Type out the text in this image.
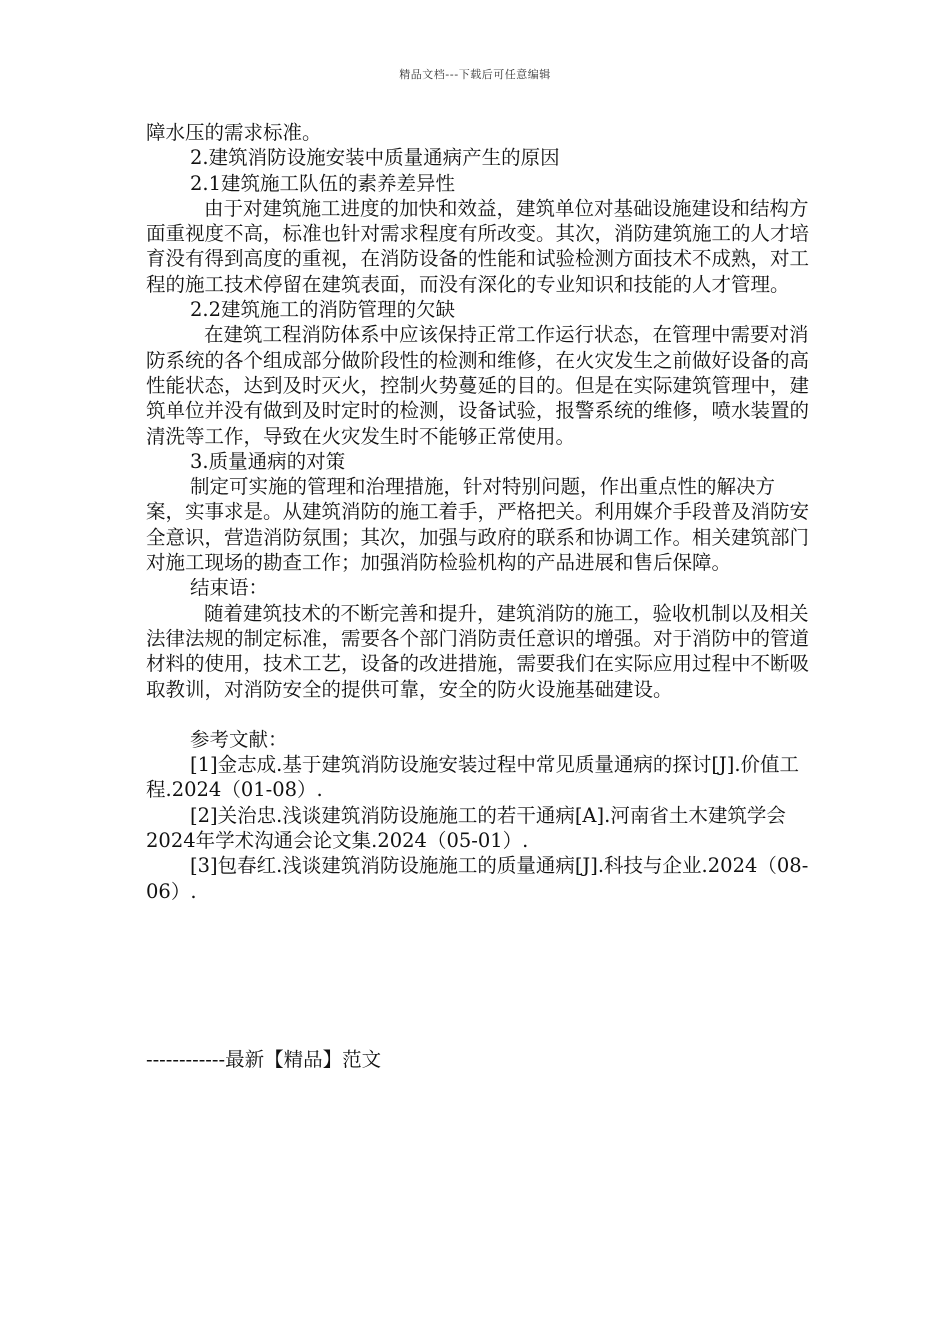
精品文档---下载后可任意编辑

障水压的需求标准。

2.建筑消防设施安装中质量通病产生的原因

2.1建筑施工队伍的素养差异性

由于对建筑施工进度的加快和效益，建筑单位对基础设施建设和结构方面重视度不高，标准也针对需求程度有所改变。其次，消防建筑施工的人才培育没有得到高度的重视，在消防设备的性能和试验检测方面技术不成熟，对工程的施工技术停留在建筑表面，而没有深化的专业知识和技能的人才管理。

2.2建筑施工的消防管理的欠缺

在建筑工程消防体系中应该保持正常工作运行状态，在管理中需要对消防系统的各个组成部分做阶段性的检测和维修，在火灾发生之前做好设备的高性能状态，达到及时灭火，控制火势蔓延的目的。但是在实际建筑管理中，建筑单位并没有做到及时定时的检测，设备试验，报警系统的维修，喷水装置的清洗等工作，导致在火灾发生时不能够正常使用。

3.质量通病的对策

制定可实施的管理和治理措施，针对特别问题，作出重点性的解决方案，实事求是。从建筑消防的施工着手，严格把关。利用媒介手段普及消防安全意识，营造消防氛围；其次，加强与政府的联系和协调工作。相关建筑部门对施工现场的勘查工作；加强消防检验机构的产品进展和售后保障。

结束语：

随着建筑技术的不断完善和提升，建筑消防的施工，验收机制以及相关法律法规的制定标准，需要各个部门消防责任意识的增强。对于消防中的管道材料的使用，技术工艺，设备的改进措施，需要我们在实际应用过程中不断吸取教训，对消防安全的提供可靠，安全的防火设施基础建设。

参考文献：

[1]金志成.基于建筑消防设施安装过程中常见质量通病的探讨[J].价值工程.2024（01-08）.

[2]关治忠.浅谈建筑消防设施施工的若干通病[A].河南省土木建筑学会2024年学术沟通会论文集.2024（05-01）.

[3]包春红.浅谈建筑消防设施施工的质量通病[J].科技与企业.2024（08-06）.

------------最新【精品】范文
